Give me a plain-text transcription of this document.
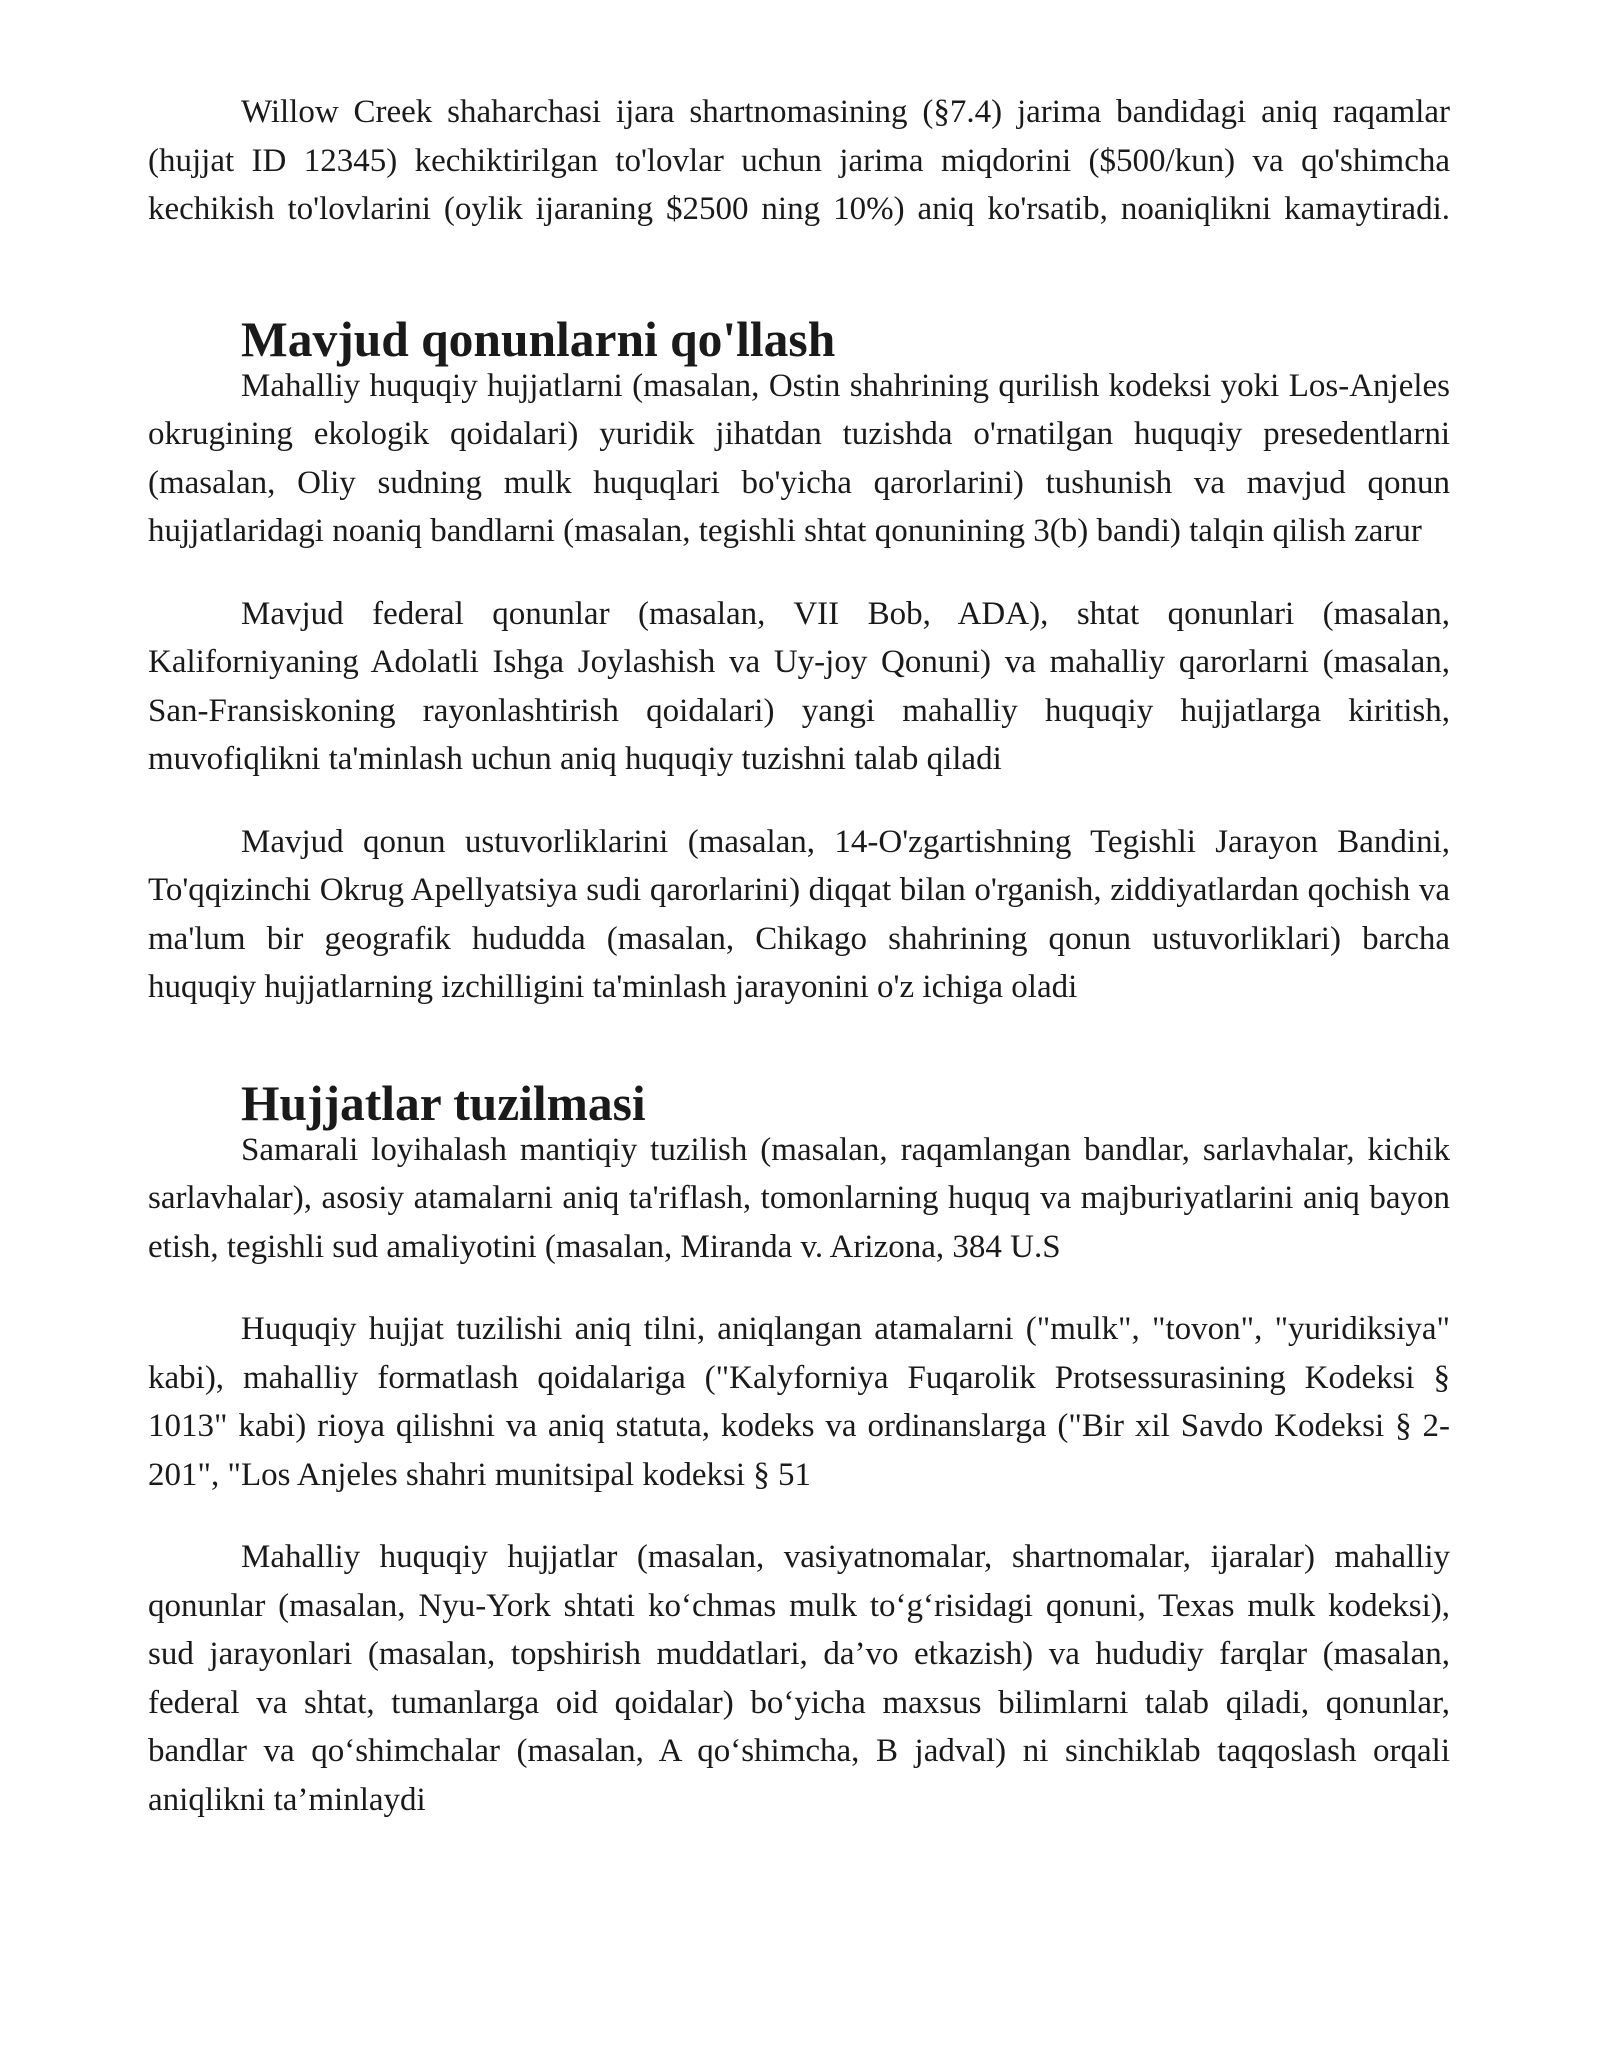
Willow Creek shaharchasi ijara shartnomasining (§7.4) jarima bandidagi aniq raqamlar (hujjat ID 12345) kechiktirilgan to'lovlar uchun jarima miqdorini ($500/kun) va qo'shimcha kechikish to'lovlarini (oylik ijaraning $2500 ning 10%) aniq ko'rsatib, noaniqlikni kamaytiradi.

Mavjud qonunlarni qo'llash

Mahalliy huquqiy hujjatlarni (masalan, Ostin shahrining qurilish kodeksi yoki Los-Anjeles okrugining ekologik qoidalari) yuridik jihatdan tuzishda o'rnatilgan huquqiy presedentlarni (masalan, Oliy sudning mulk huquqlari bo'yicha qarorlarini) tushunish va mavjud qonun hujjatlaridagi noaniq bandlarni (masalan, tegishli shtat qonunining 3(b) bandi) talqin qilish zarur

Mavjud federal qonunlar (masalan, VII Bob, ADA), shtat qonunlari (masalan, Kaliforniyaning Adolatli Ishga Joylashish va Uy-joy Qonuni) va mahalliy qarorlarni (masalan, San-Fransiskoning rayonlashtirish qoidalari) yangi mahalliy huquqiy hujjatlarga kiritish, muvofiqlikni ta'minlash uchun aniq huquqiy tuzishni talab qiladi

Mavjud qonun ustuvorliklarini (masalan, 14-O'zgartishning Tegishli Jarayon Bandini, To'qqizinchi Okrug Apellyatsiya sudi qarorlarini) diqqat bilan o'rganish, ziddiyatlardan qochish va ma'lum bir geografik hududda (masalan, Chikago shahrining qonun ustuvorliklari) barcha huquqiy hujjatlarning izchilligini ta'minlash jarayonini o'z ichiga oladi

Hujjatlar tuzilmasi

Samarali loyihalash mantiqiy tuzilish (masalan, raqamlangan bandlar, sarlavhalar, kichik sarlavhalar), asosiy atamalarni aniq ta'riflash, tomonlarning huquq va majburiyatlarini aniq bayon etish, tegishli sud amaliyotini (masalan, Miranda v. Arizona, 384 U.S

Huquqiy hujjat tuzilishi aniq tilni, aniqlangan atamalarni ("mulk", "tovon", "yuridiksiya" kabi), mahalliy formatlash qoidalariga ("Kalyforniya Fuqarolik Protsessurasining Kodeksi § 1013" kabi) rioya qilishni va aniq statuta, kodeks va ordinanslarga ("Bir xil Savdo Kodeksi § 2-201", "Los Anjeles shahri munitsipal kodeksi § 51

Mahalliy huquqiy hujjatlar (masalan, vasiyatnomalar, shartnomalar, ijaralar) mahalliy qonunlar (masalan, Nyu-York shtati ko‘chmas mulk to‘g‘risidagi qonuni, Texas mulk kodeksi), sud jarayonlari (masalan, topshirish muddatlari, da’vo etkazish) va hududiy farqlar (masalan, federal va shtat, tumanlarga oid qoidalar) bo‘yicha maxsus bilimlarni talab qiladi, qonunlar, bandlar va qo‘shimchalar (masalan, A qo‘shimcha, B jadval) ni sinchiklab taqqoslash orqali aniqlikni ta’minlaydi
